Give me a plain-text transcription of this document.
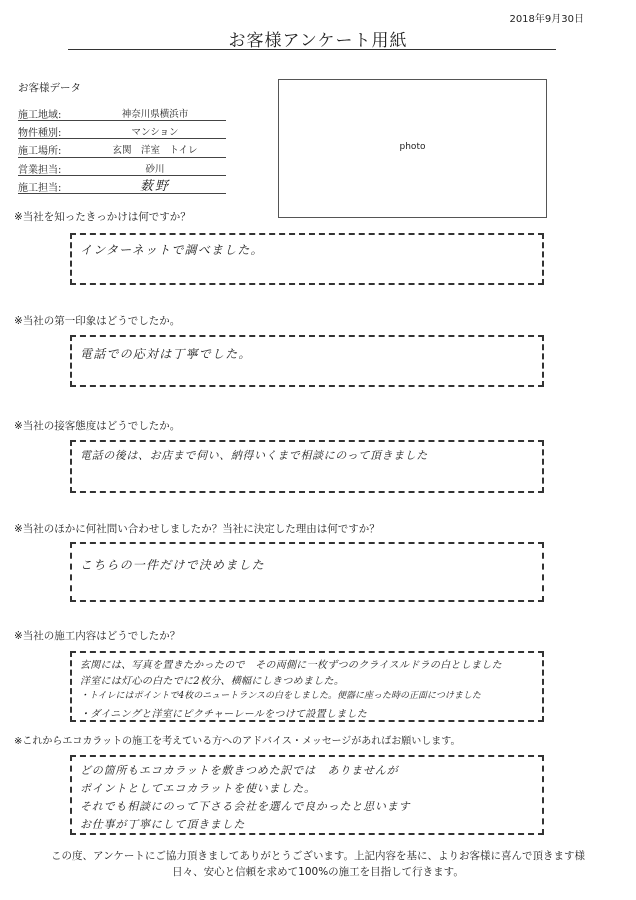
2018年9月30日
お客様アンケート用紙
お客様データ
施工地域:	神奈川県横浜市
物件種別:	マンション
施工場所:	玄関　洋室　トイレ
営業担当:	砂川
施工担当:	薮野
photo
※当社を知ったきっかけは何ですか？
インターネットで調べました。
※当社の第一印象はどうでしたか。
電話での応対は丁寧でした。
※当社の接客態度はどうでしたか。
電話の後は、お店まで伺い、納得いくまで相談にのって頂きました
※当社のほかに何社問い合わせしましたか？当社に決定した理由は何ですか？
こちらの一件だけで決めました
※当社の施工内容はどうでしたか？
玄関には、写真を置きたかったので　その両側に一枚ずつのクライスルドラの白としました
洋室には灯心の白たでに2枚分、横幅にしきつめました。
・トイレにはポイントで4枚のニュートランスの白をしました。便器に座った時の正面につけました
・ダイニングと洋室にピクチャーレールをつけて設置しました
※これからエコカラットの施工を考えている方へのアドバイス・メッセージがあればお願いします。
どの箇所もエコカラットを敷きつめた訳では　ありませんが
ポイントとしてエコカラットを使いました。
それでも相談にのって下さる会社を選んで良かったと思います
お仕事が丁寧にして頂きました
この度、アンケートにご協力頂きましてありがとうございます。上記内容を基に、よりお客様に喜んで頂きます様
日々、安心と信頼を求めて100%の施工を目指して行きます。
